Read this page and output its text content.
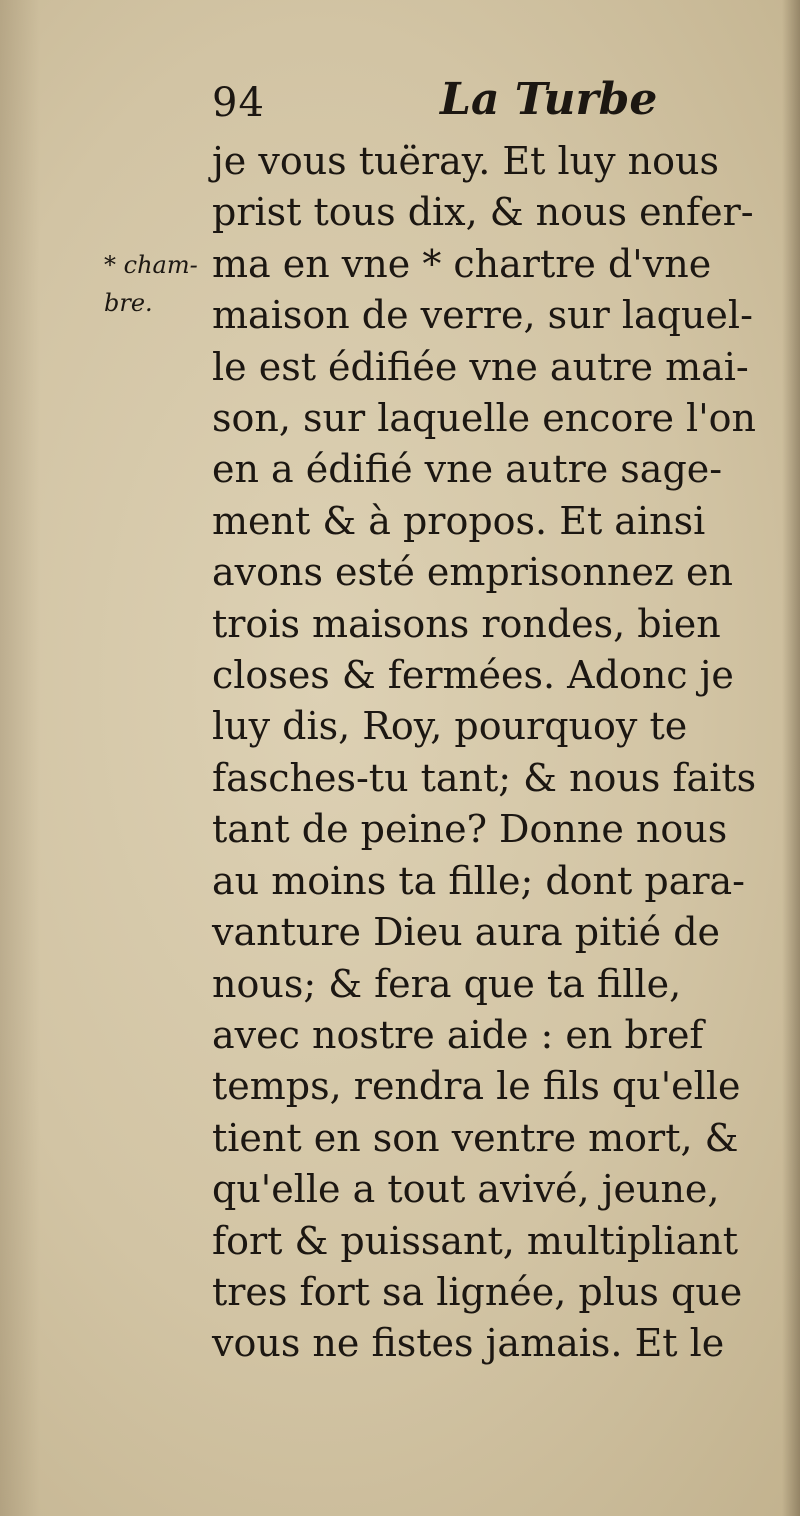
94	La Turbe
* cham-
bre.
je vous tuëray. Et luy nous
prist tous dix, & nous enfer-
ma en vne * chartre d'vne
maison de verre, sur laquel-
le est édifiée vne autre mai-
son, sur laquelle encore l'on
en a édifié vne autre sage-
ment & à propos. Et ainsi
avons esté emprisonnez en
trois maisons rondes, bien
closes & fermées. Adonc je
luy dis, Roy, pourquoy te
fasches-tu tant; & nous faits
tant de peine? Donne nous
au moins ta fille; dont para-
vanture Dieu aura pitié de
nous; & fera que ta fille,
avec nostre aide : en bref
temps, rendra le fils qu'elle
tient en son ventre mort, &
qu'elle a tout avivé, jeune,
fort & puissant, multipliant
tres fort sa lignée, plus que
vous ne fistes jamais. Et le
